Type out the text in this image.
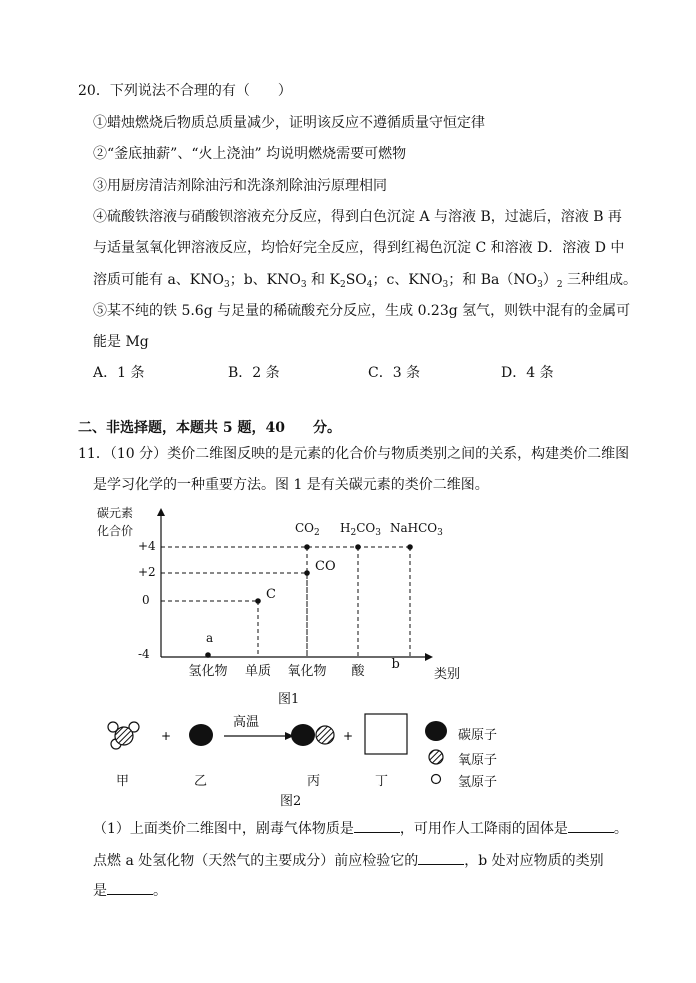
20．下列说法不合理的有（　　）
①蜡烛燃烧后物质总质量减少，证明该反应不遵循质量守恒定律
②“釜底抽薪”、“火上浇油” 均说明燃烧需要可燃物
③用厨房清洁剂除油污和洗涤剂除油污原理相同
④硫酸铁溶液与硝酸钡溶液充分反应，得到白色沉淀 A 与溶液 B，过滤后，溶液 B 再
与适量氢氧化钾溶液反应，均恰好完全反应，得到红褐色沉淀 C 和溶液 D．溶液 D 中
溶质可能有 a、$KNO_3$；b、$KNO_3$ 和 $K_2SO_4$；c、$KNO_3$；和 $Ba(NO_3)_2$ 三种组成。
⑤某不纯的铁 5.6g 与足量的稀硫酸充分反应，生成 0.23g 氢气，则铁中混有的金属可
能是 Mg
A．1 条	B．2 条	C．3 条	D．4 条
二、非选择题，本题共 5 题，40　　分。
11．（10 分）类价二维图反映的是元素的化合价与物质类别之间的关系，构建类价二维图
是学习化学的一种重要方法。图 1 是有关碳元素的类价二维图。
碳元素
化合价
+4
+2
0
-4
氢化物 单质 氧化物 酸 b
类别
图1
a
C
CO
$CO_2$ $H_2CO_3$ NaHCO$_3$
+
高温
+	碳原子
氧原子
氢原子
甲	乙	丙	丁
图2
（1）上面类价二维图中，剧毒气体物质是	，可用作人工降雨的固体是	。
点燃 a 处氢化物（天然气的主要成分）前应检验它的	，b 处对应物质的类别
是	。
